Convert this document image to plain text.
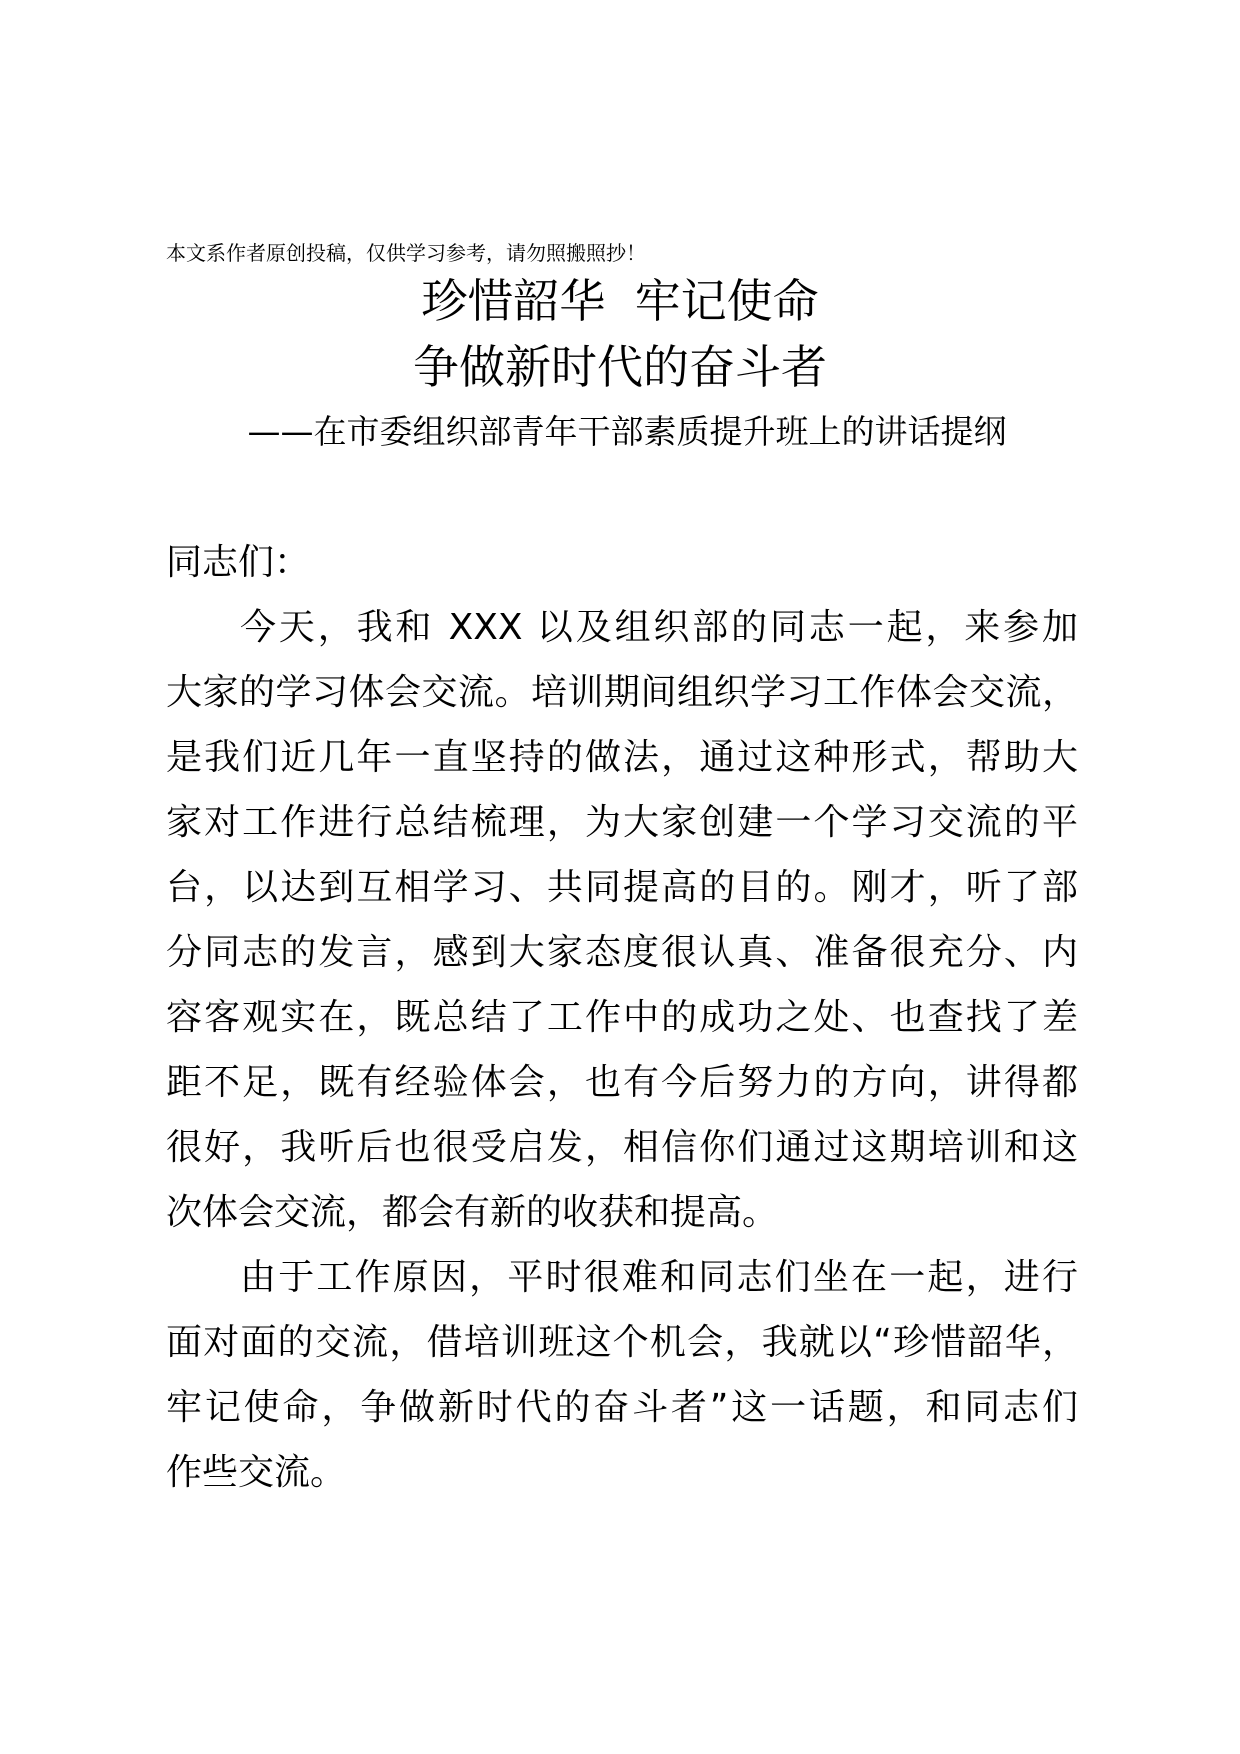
本文系作者原创投稿，仅供学习参考，请勿照搬照抄！
珍惜韶华  牢记使命
争做新时代的奋斗者
——在市委组织部青年干部素质提升班上的讲话提纲
同志们：
今天，我和 XXX 以及组织部的同志一起，来参加
大家的学习体会交流。培训期间组织学习工作体会交流，
是我们近几年一直坚持的做法，通过这种形式，帮助大
家对工作进行总结梳理，为大家创建一个学习交流的平
台，以达到互相学习、共同提高的目的。刚才，听了部
分同志的发言，感到大家态度很认真、准备很充分、内
容客观实在，既总结了工作中的成功之处、也查找了差
距不足，既有经验体会，也有今后努力的方向，讲得都
很好，我听后也很受启发，相信你们通过这期培训和这
次体会交流，都会有新的收获和提高。
由于工作原因，平时很难和同志们坐在一起，进行
面对面的交流，借培训班这个机会，我就以“珍惜韶华，
牢记使命，争做新时代的奋斗者”这一话题，和同志们
作些交流。
